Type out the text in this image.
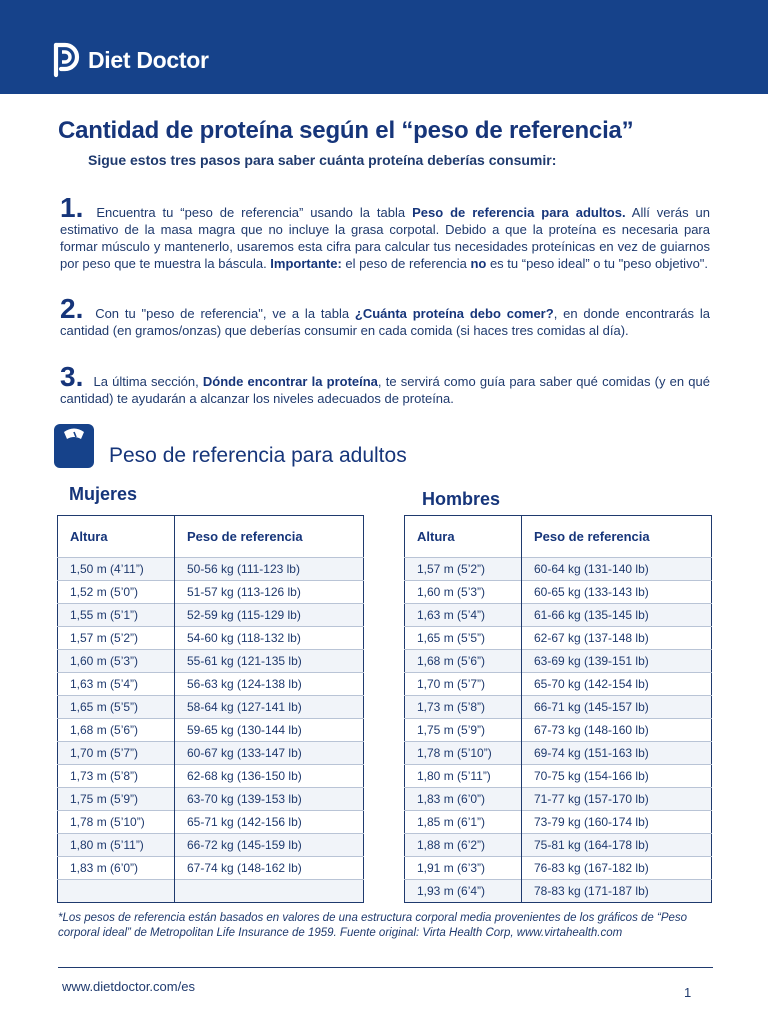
Diet Doctor
Cantidad de proteína según el “peso de referencia”
Sigue estos tres pasos para saber cuánta proteína deberías consumir:
1. Encuentra tu “peso de referencia” usando la tabla Peso de referencia para adultos. Allí verás un estimativo de la masa magra que no incluye la grasa corpotal. Debido a que la proteína es necesaria para formar músculo y mantenerlo, usaremos esta cifra para calcular tus necesidades proteínicas en vez de guiarnos por peso que te muestra la báscula. Importante: el peso de referencia no es tu “peso ideal” o tu "peso objetivo".
2. Con tu "peso de referencia", ve a la tabla ¿Cuánta proteína debo comer?, en donde encontrarás la cantidad (en gramos/onzas) que deberías consumir en cada comida (si haces tres comidas al día).
3. La última sección, Dónde encontrar la proteína, te servirá como guía para saber qué comidas (y en qué cantidad) te ayudarán a alcanzar los niveles adecuados de proteína.
Peso de referencia para adultos
Mujeres
Altura	Peso de referencia
1,50 m (4’11”)	50-56 kg (111-123 lb)
1,52 m (5’0”)	51-57 kg (113-126 lb)
1,55 m (5’1”)	52-59 kg (115-129 lb)
1,57 m (5’2”)	54-60 kg (118-132 lb)
1,60 m (5’3”)	55-61 kg (121-135 lb)
1,63 m (5’4”)	56-63 kg (124-138 lb)
1,65 m (5’5”)	58-64 kg (127-141 lb)
1,68 m (5’6”)	59-65 kg (130-144 lb)
1,70 m (5’7”)	60-67 kg (133-147 lb)
1,73 m (5’8”)	62-68 kg (136-150 lb)
1,75 m (5’9”)	63-70 kg (139-153 lb)
1,78 m (5’10”)	65-71 kg (142-156 lb)
1,80 m (5’11”)	66-72 kg (145-159 lb)
1,83 m (6’0”)	67-74 kg (148-162 lb)

Hombres
Altura	Peso de referencia
1,57 m (5’2”)	60-64 kg (131-140 lb)
1,60 m (5’3”)	60-65 kg (133-143 lb)
1,63 m (5’4”)	61-66 kg (135-145 lb)
1,65 m (5’5”)	62-67 kg (137-148 lb)
1,68 m (5’6”)	63-69 kg (139-151 lb)
1,70 m (5’7”)	65-70 kg (142-154 lb)
1,73 m (5’8”)	66-71 kg (145-157 lb)
1,75 m (5’9”)	67-73 kg (148-160 lb)
1,78 m (5’10”)	69-74 kg (151-163 lb)
1,80 m (5’11”)	70-75 kg (154-166 lb)
1,83 m (6’0”)	71-77 kg (157-170 lb)
1,85 m (6’1”)	73-79 kg (160-174 lb)
1,88 m (6’2”)	75-81 kg (164-178 lb)
1,91 m (6’3”)	76-83 kg (167-182 lb)
1,93 m (6’4”)	78-83 kg (171-187 lb)
*Los pesos de referencia están basados en valores de una estructura corporal media provenientes de los gráficos de “Peso corporal ideal” de Metropolitan Life Insurance de 1959. Fuente original: Virta Health Corp, www.virtahealth.com
www.dietdoctor.com/es	1
